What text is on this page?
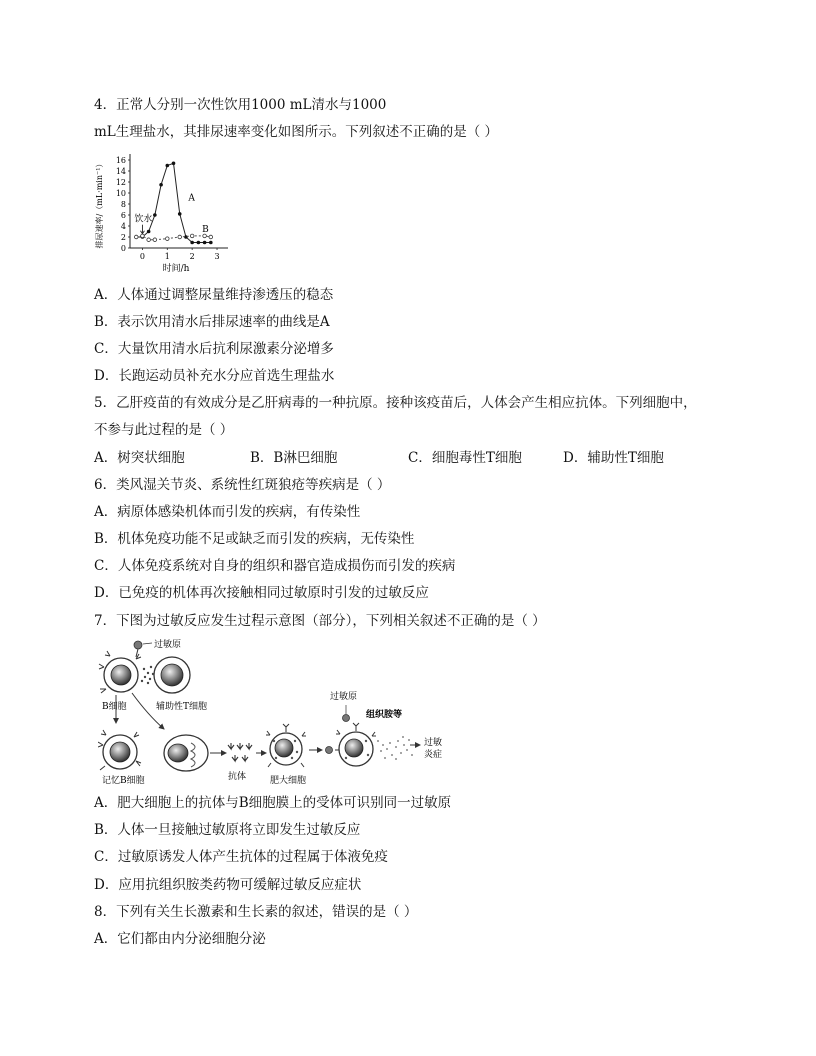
4．正常人分别一次性饮用1000 mL清水与1000
mL生理盐水，其排尿速率变化如图所示。下列叙述不正确的是（ ）
0
2
4
6
8
10
12
14
16
0 1 2 3
时间/h
排尿速率/（mL·min⁻¹）	饮水
A
B
A．人体通过调整尿量维持渗透压的稳态
B．表示饮用清水后排尿速率的曲线是A
C．大量饮用清水后抗利尿激素分泌增多
D．长跑运动员补充水分应首选生理盐水
5．乙肝疫苗的有效成分是乙肝病毒的一种抗原。接种该疫苗后，人体会产生相应抗体。下列细胞中，
不参与此过程的是（ ）
A．树突状细胞	B．B淋巴细胞	C．细胞毒性T细胞	D．辅助性T细胞
6．类风湿关节炎、系统性红斑狼疮等疾病是（ ）
A．病原体感染机体而引发的疾病，有传染性
B．机体免疫功能不足或缺乏而引发的疾病，无传染性
C．人体免疫系统对自身的组织和器官造成损伤而引发的疾病
D．已免疫的机体再次接触相同过敏原时引发的过敏反应
7．下图为过敏反应发生过程示意图（部分），下列相关叙述不正确的是（ ）
过敏原
B细胞	辅助性T细胞
记忆B细胞	抗体	肥大细胞
过敏原
组织胺等
过敏
炎症
A．肥大细胞上的抗体与B细胞膜上的受体可识别同一过敏原
B．人体一旦接触过敏原将立即发生过敏反应
C．过敏原诱发人体产生抗体的过程属于体液免疫
D．应用抗组织胺类药物可缓解过敏反应症状
8．下列有关生长激素和生长素的叙述，错误的是（ ）
A．它们都由内分泌细胞分泌
